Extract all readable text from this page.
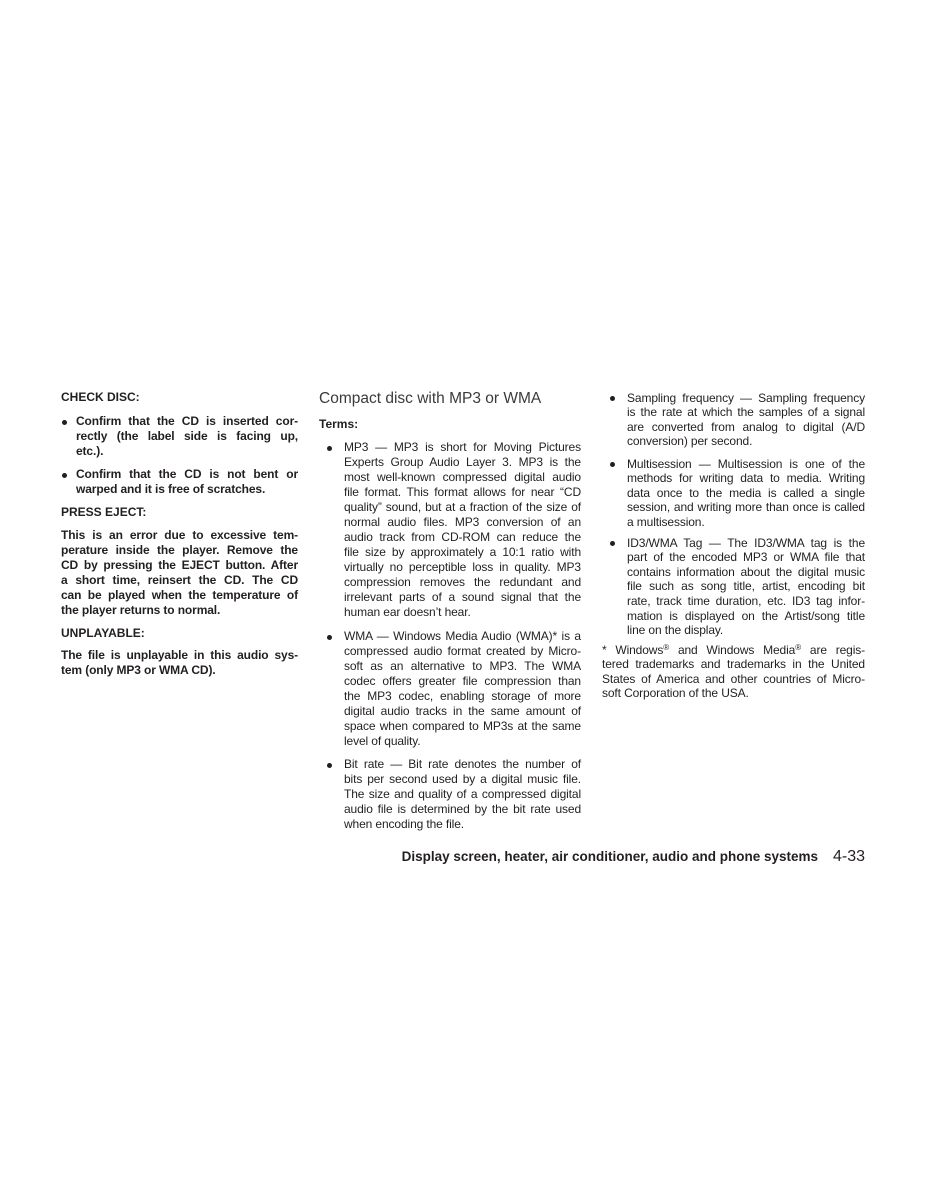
CHECK DISC:
Confirm that the CD is inserted cor-
rectly (the label side is facing up,
etc.).
Confirm that the CD is not bent or
warped and it is free of scratches.
PRESS EJECT:
This is an error due to excessive tem-
perature inside the player. Remove the
CD by pressing the EJECT button. After
a short time, reinsert the CD. The CD
can be played when the temperature of
the player returns to normal.
UNPLAYABLE:
The file is unplayable in this audio sys-
tem (only MP3 or WMA CD).
Compact disc with MP3 or WMA
Terms:
MP3 — MP3 is short for Moving Pictures
Experts Group Audio Layer 3. MP3 is the
most well-known compressed digital audio
file format. This format allows for near “CD
quality” sound, but at a fraction of the size of
normal audio files. MP3 conversion of an
audio track from CD-ROM can reduce the
file size by approximately a 10:1 ratio with
virtually no perceptible loss in quality. MP3
compression removes the redundant and
irrelevant parts of a sound signal that the
human ear doesn’t hear.
WMA — Windows Media Audio (WMA)* is a
compressed audio format created by Micro-
soft as an alternative to MP3. The WMA
codec offers greater file compression than
the MP3 codec, enabling storage of more
digital audio tracks in the same amount of
space when compared to MP3s at the same
level of quality.
Bit rate — Bit rate denotes the number of
bits per second used by a digital music file.
The size and quality of a compressed digital
audio file is determined by the bit rate used
when encoding the file.
Sampling frequency — Sampling frequency
is the rate at which the samples of a signal
are converted from analog to digital (A/D
conversion) per second.
Multisession — Multisession is one of the
methods for writing data to media. Writing
data once to the media is called a single
session, and writing more than once is called
a multisession.
ID3/WMA Tag — The ID3/WMA tag is the
part of the encoded MP3 or WMA file that
contains information about the digital music
file such as song title, artist, encoding bit
rate, track time duration, etc. ID3 tag infor-
mation is displayed on the Artist/song title
line on the display.
* Windows® and Windows Media® are regis-
tered trademarks and trademarks in the United
States of America and other countries of Micro-
soft Corporation of the USA.
Display screen, heater, air conditioner, audio and phone systems 4-33
